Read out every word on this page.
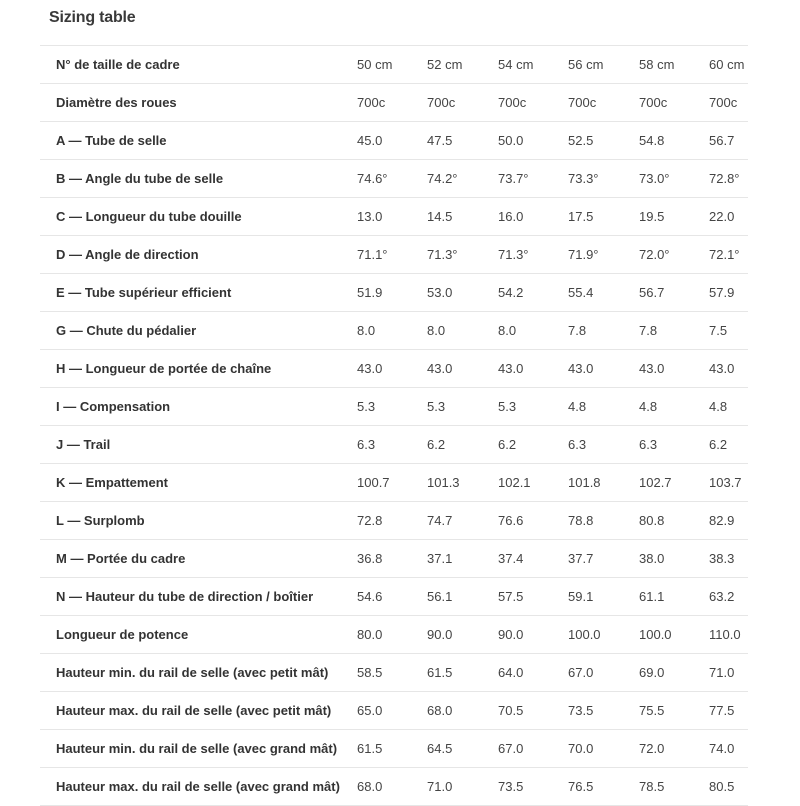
Sizing table
N° de taille de cadre	50 cm	52 cm	54 cm	56 cm	58 cm	60 cm
Diamètre des roues	700c	700c	700c	700c	700c	700c
A — Tube de selle	45.0	47.5	50.0	52.5	54.8	56.7
B — Angle du tube de selle	74.6°	74.2°	73.7°	73.3°	73.0°	72.8°
C — Longueur du tube douille	13.0	14.5	16.0	17.5	19.5	22.0
D — Angle de direction	71.1°	71.3°	71.3°	71.9°	72.0°	72.1°
E — Tube supérieur efficient	51.9	53.0	54.2	55.4	56.7	57.9
G — Chute du pédalier	8.0	8.0	8.0	7.8	7.8	7.5
H — Longueur de portée de chaîne	43.0	43.0	43.0	43.0	43.0	43.0
I — Compensation	5.3	5.3	5.3	4.8	4.8	4.8
J — Trail	6.3	6.2	6.2	6.3	6.3	6.2
K — Empattement	100.7	101.3	102.1	101.8	102.7	103.7
L — Surplomb	72.8	74.7	76.6	78.8	80.8	82.9
M — Portée du cadre	36.8	37.1	37.4	37.7	38.0	38.3
N — Hauteur du tube de direction / boîtier	54.6	56.1	57.5	59.1	61.1	63.2
Longueur de potence	80.0	90.0	90.0	100.0	100.0	110.0
Hauteur min. du rail de selle (avec petit mât)	58.5	61.5	64.0	67.0	69.0	71.0
Hauteur max. du rail de selle (avec petit mât)	65.0	68.0	70.5	73.5	75.5	77.5
Hauteur min. du rail de selle (avec grand mât)	61.5	64.5	67.0	70.0	72.0	74.0
Hauteur max. du rail de selle (avec grand mât)	68.0	71.0	73.5	76.5	78.5	80.5
